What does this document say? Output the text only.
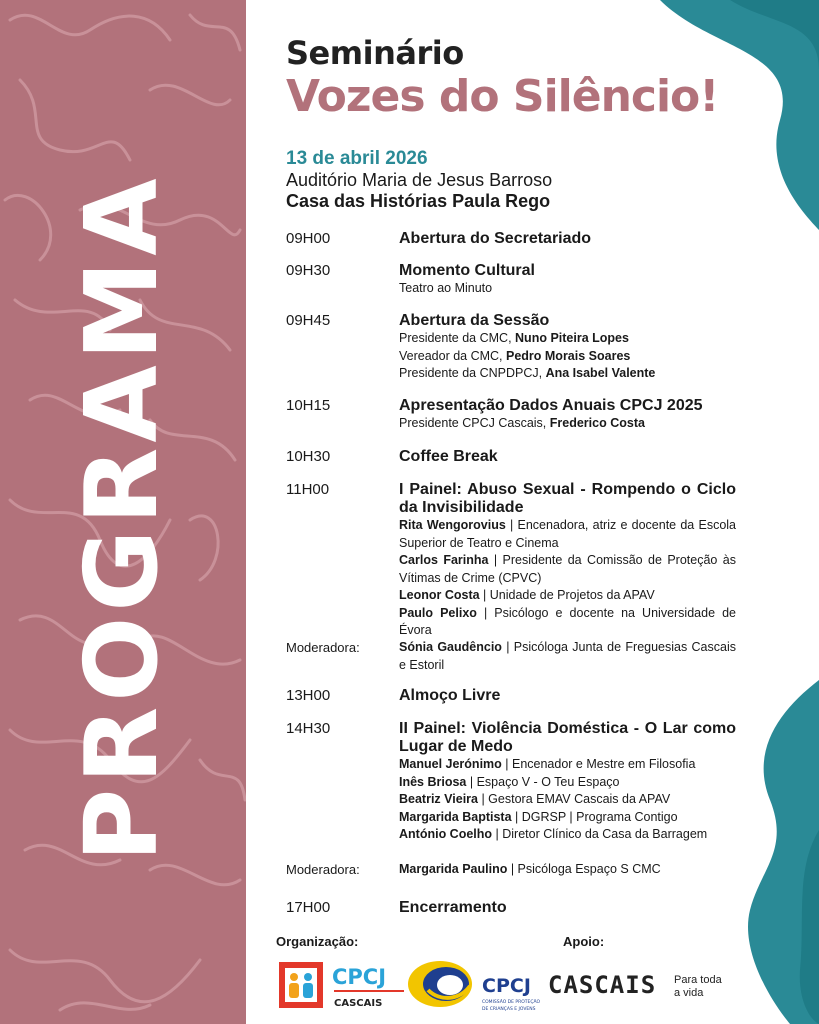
PROGRAMA
Seminário
Vozes do Silêncio!
13 de abril 2026
Auditório Maria de Jesus Barroso
Casa das Histórias Paula Rego
09H00	Abertura do Secretariado
09H30	Momento Cultural
Teatro ao Minuto
09H45	Abertura da Sessão
Presidente da CMC, Nuno Piteira Lopes
Vereador da CMC, Pedro Morais Soares
Presidente da CNPDPCJ, Ana Isabel Valente
10H15	Apresentação Dados Anuais CPCJ 2025
Presidente CPCJ Cascais, Frederico Costa
10H30	Coffee Break
11H00	I Painel: Abuso Sexual - Rompendo o Ciclo da Invisibilidade
Rita Wengorovius | Encenadora, atriz e docente da Escola Superior de Teatro e Cinema
Carlos Farinha | Presidente da Comissão de Proteção às Vítimas de Crime (CPVC)
Leonor Costa | Unidade de Projetos da APAV
Paulo Pelixo | Psicólogo e docente na Universidade de Évora
Moderadora:	Sónia Gaudêncio | Psicóloga Junta de Freguesias Cascais e Estoril
13H00	Almoço Livre
14H30	II Painel: Violência Doméstica - O Lar como Lugar de Medo
Manuel Jerónimo | Encenador e Mestre em Filosofia
Inês Briosa | Espaço V - O Teu Espaço
Beatriz Vieira | Gestora EMAV Cascais da APAV
Margarida Baptista | DGRSP | Programa Contigo
António Coelho | Diretor Clínico da Casa da Barragem
Moderadora:	Margarida Paulino | Psicóloga Espaço S CMC
17H00	Encerramento
Organização:	Apoio:
CPCJ
CASCAIS
CPCJ
COMISSÃO DE PROTEÇÃO
DE CRIANÇAS E JOVENS
CASCAIS Para toda
a vida
